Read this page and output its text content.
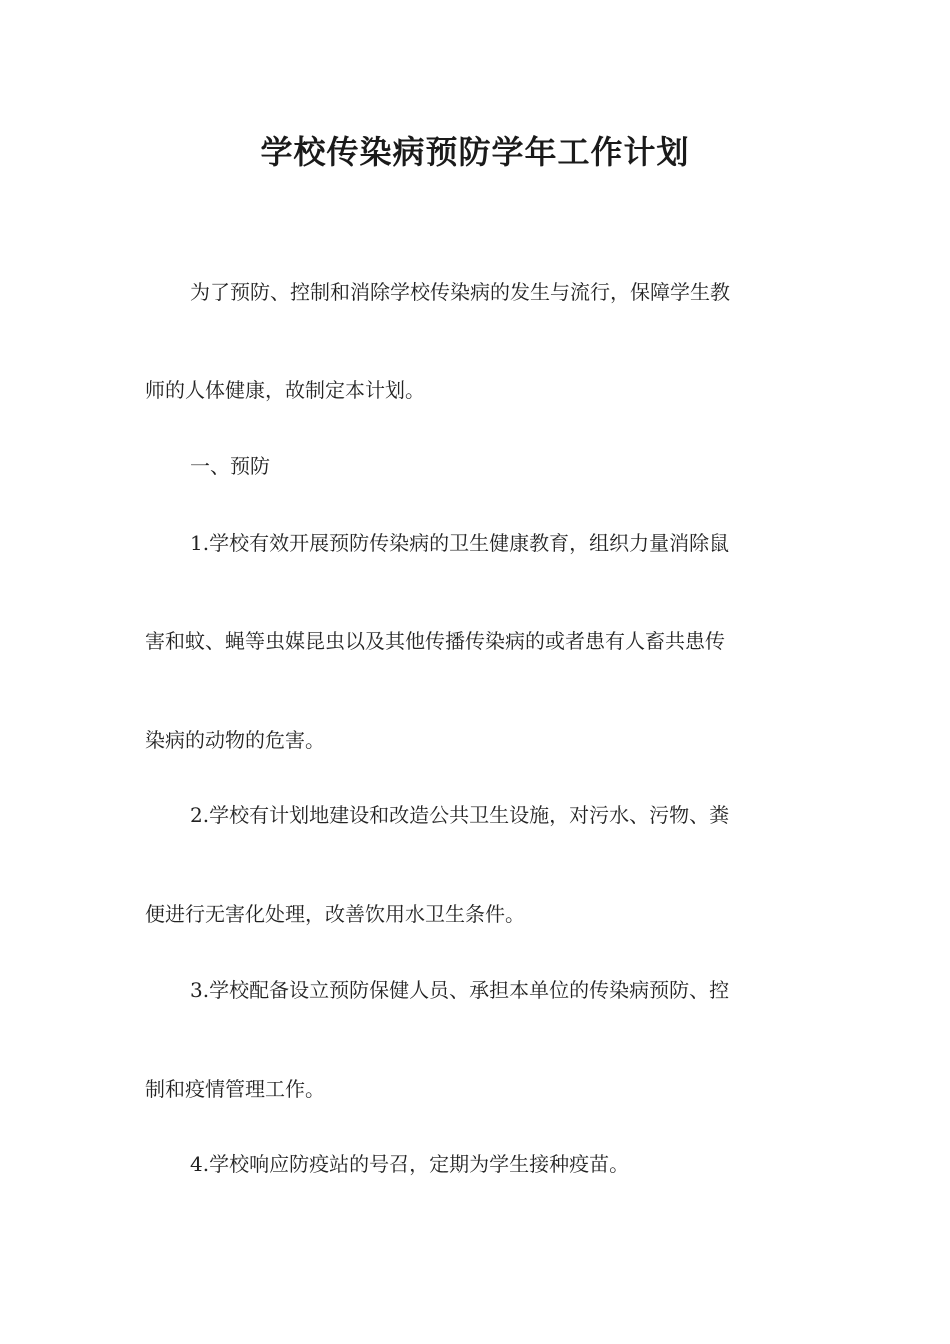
学校传染病预防学年工作计划
为了预防、控制和消除学校传染病的发生与流行，保障学生教
师的人体健康，故制定本计划。
一、预防
1.学校有效开展预防传染病的卫生健康教育，组织力量消除鼠
害和蚊、蝇等虫媒昆虫以及其他传播传染病的或者患有人畜共患传
染病的动物的危害。
2.学校有计划地建设和改造公共卫生设施，对污水、污物、粪
便进行无害化处理，改善饮用水卫生条件。
3.学校配备设立预防保健人员、承担本单位的传染病预防、控
制和疫情管理工作。
4.学校响应防疫站的号召，定期为学生接种疫苗。
